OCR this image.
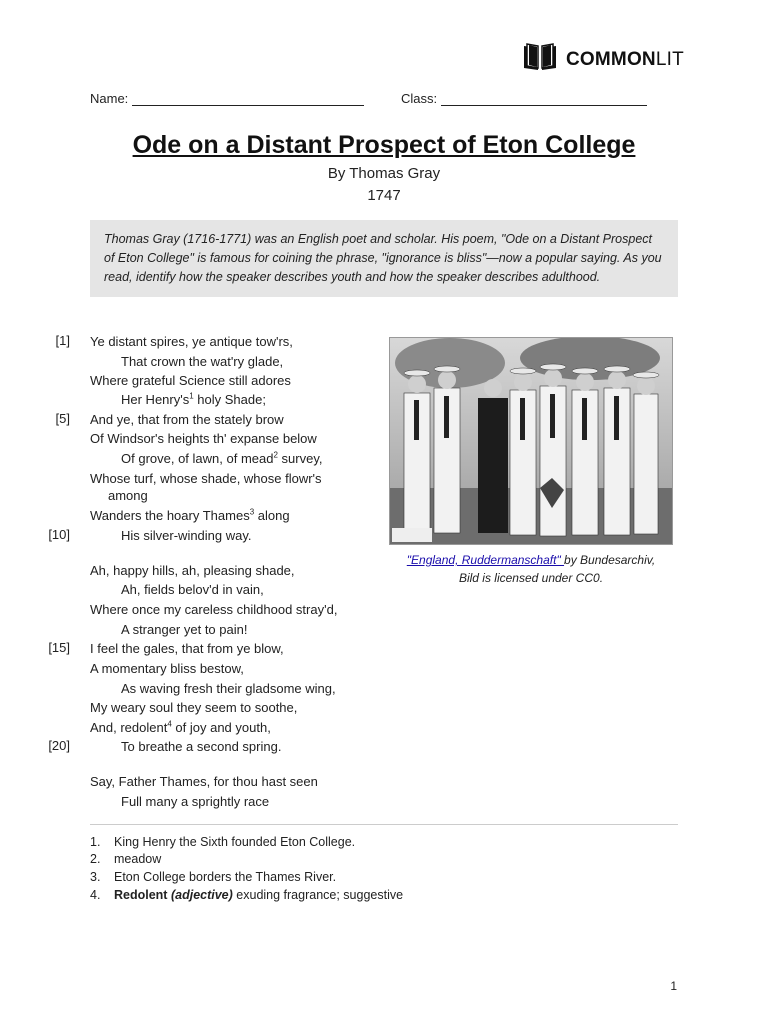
COMMONLIT
Name:	Class:
Ode on a Distant Prospect of Eton College
By Thomas Gray
1747
Thomas Gray (1716-1771) was an English poet and scholar. His poem, "Ode on a Distant Prospect of Eton College" is famous for coining the phrase, "ignorance is bliss"—now a popular saying. As you read, identify how the speaker describes youth and how the speaker describes adulthood.
[1] Ye distant spires, ye antique tow'rs,
That crown the wat'ry glade,
Where grateful Science still adores
Her $Henry's^1$ holy Shade;
[5] And ye, that from the stately brow
Of Windsor's heights th' expanse below
Of grove, of lawn, of mead$^2$ survey,
Whose turf, whose shade, whose flowr's
among
Wanders the hoary Thames$^3$ along
[10]	His silver-winding way.
Ah, happy hills, ah, pleasing shade,
Ah, fields belov'd in vain,
Where once my careless childhood stray'd,
A stranger yet to pain!
[15] I feel the gales, that from ye blow,
A momentary bliss bestow,
As waving fresh their gladsome wing,
My weary soul they seem to soothe,
And, redolent$^4$ of joy and youth,
[20]	To breathe a second spring.
Say, Father Thames, for thou hast seen
Full many a sprightly race
"England, Ruddermanschaft" by Bundesarchiv,
Bild is licensed under CC0.
1. King Henry the Sixth founded Eton College.
2. meadow
3. Eton College borders the Thames River.
4. Redolent (adjective) exuding fragrance; suggestive
1
